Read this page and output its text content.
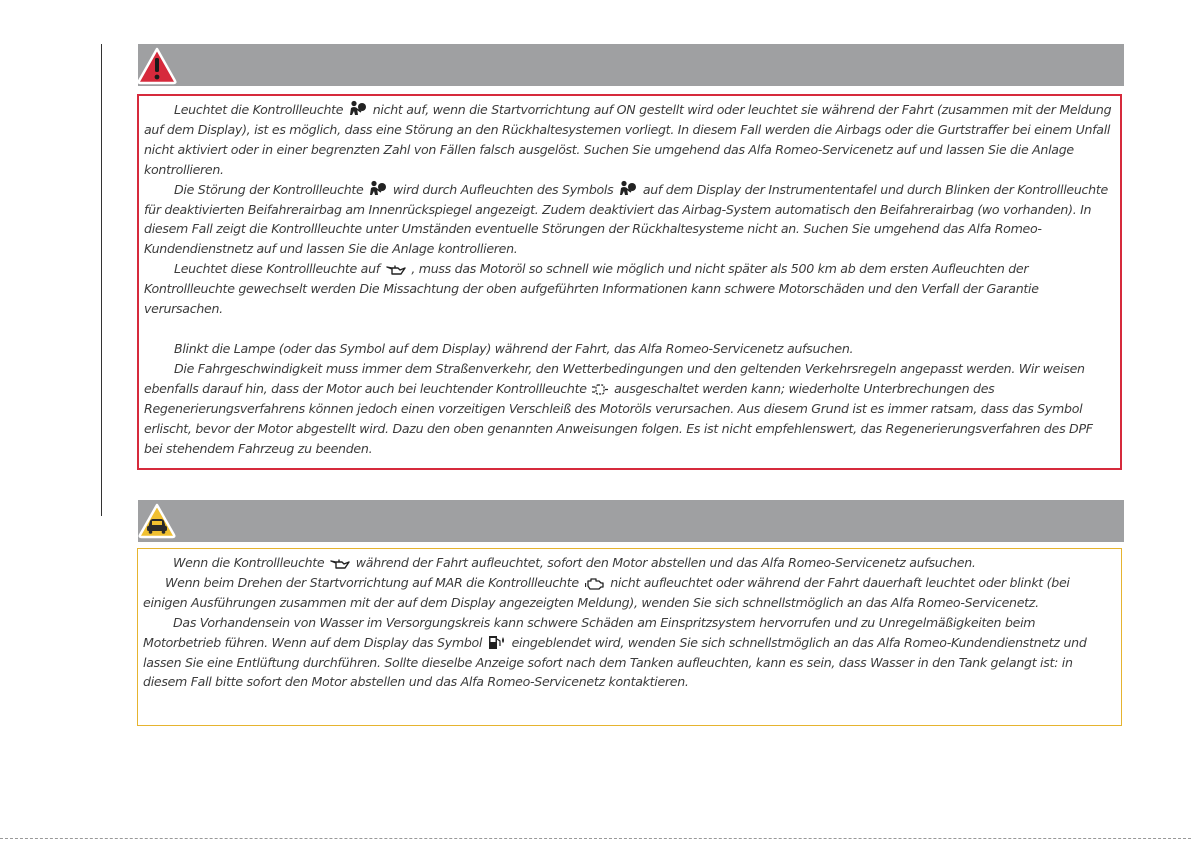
Leuchtet die Kontrollleuchte nicht auf, wenn die Startvorrichtung auf ON gestellt wird oder leuchtet sie während der Fahrt (zusammen mit der Meldung auf dem Display), ist es möglich, dass eine Störung an den Rückhaltesystemen vorliegt. In diesem Fall werden die Airbags oder die Gurtstraffer bei einem Unfall nicht aktiviert oder in einer begrenzten Zahl von Fällen falsch ausgelöst. Suchen Sie umgehend das Alfa Romeo-Servicenetz auf und lassen Sie die Anlage kontrollieren.

Die Störung der Kontrollleuchte wird durch Aufleuchten des Symbols auf dem Display der Instrumententafel und durch Blinken der Kontrollleuchte für deaktivierten Beifahrerairbag am Innenrückspiegel angezeigt. Zudem deaktiviert das Airbag-System automatisch den Beifahrerairbag (wo vorhanden). In diesem Fall zeigt die Kontrollleuchte unter Umständen eventuelle Störungen der Rückhaltesysteme nicht an. Suchen Sie umgehend das Alfa Romeo-Kundendienstnetz auf und lassen Sie die Anlage kontrollieren.

Leuchtet diese Kontrollleuchte auf , muss das Motoröl so schnell wie möglich und nicht später als 500 km ab dem ersten Aufleuchten der Kontrollleuchte gewechselt werden Die Missachtung der oben aufgeführten Informationen kann schwere Motorschäden und den Verfall der Garantie verursachen.

Blinkt die Lampe (oder das Symbol auf dem Display) während der Fahrt, das Alfa Romeo-Servicenetz aufsuchen.

Die Fahrgeschwindigkeit muss immer dem Straßenverkehr, den Wetterbedingungen und den geltenden Verkehrsregeln angepasst werden. Wir weisen ebenfalls darauf hin, dass der Motor auch bei leuchtender Kontrollleuchte ausgeschaltet werden kann; wiederholte Unterbrechungen des Regenerierungsverfahrens können jedoch einen vorzeitigen Verschleiß des Motoröls verursachen. Aus diesem Grund ist es immer ratsam, dass das Symbol erlischt, bevor der Motor abgestellt wird. Dazu den oben genannten Anweisungen folgen. Es ist nicht empfehlenswert, das Regenerierungsverfahren des DPF bei stehendem Fahrzeug zu beenden.

Wenn die Kontrollleuchte während der Fahrt aufleuchtet, sofort den Motor abstellen und das Alfa Romeo-Servicenetz aufsuchen.

Wenn beim Drehen der Startvorrichtung auf MAR die Kontrollleuchte nicht aufleuchtet oder während der Fahrt dauerhaft leuchtet oder blinkt (bei einigen Ausführungen zusammen mit der auf dem Display angezeigten Meldung), wenden Sie sich schnellstmöglich an das Alfa Romeo-Servicenetz.

Das Vorhandensein von Wasser im Versorgungskreis kann schwere Schäden am Einspritzsystem hervorrufen und zu Unregelmäßigkeiten beim Motorbetrieb führen. Wenn auf dem Display das Symbol eingeblendet wird, wenden Sie sich schnellstmöglich an das Alfa Romeo-Kundendienstnetz und lassen Sie eine Entlüftung durchführen. Sollte dieselbe Anzeige sofort nach dem Tanken aufleuchten, kann es sein, dass Wasser in den Tank gelangt ist: in diesem Fall bitte sofort den Motor abstellen und das Alfa Romeo-Servicenetz kontaktieren.
